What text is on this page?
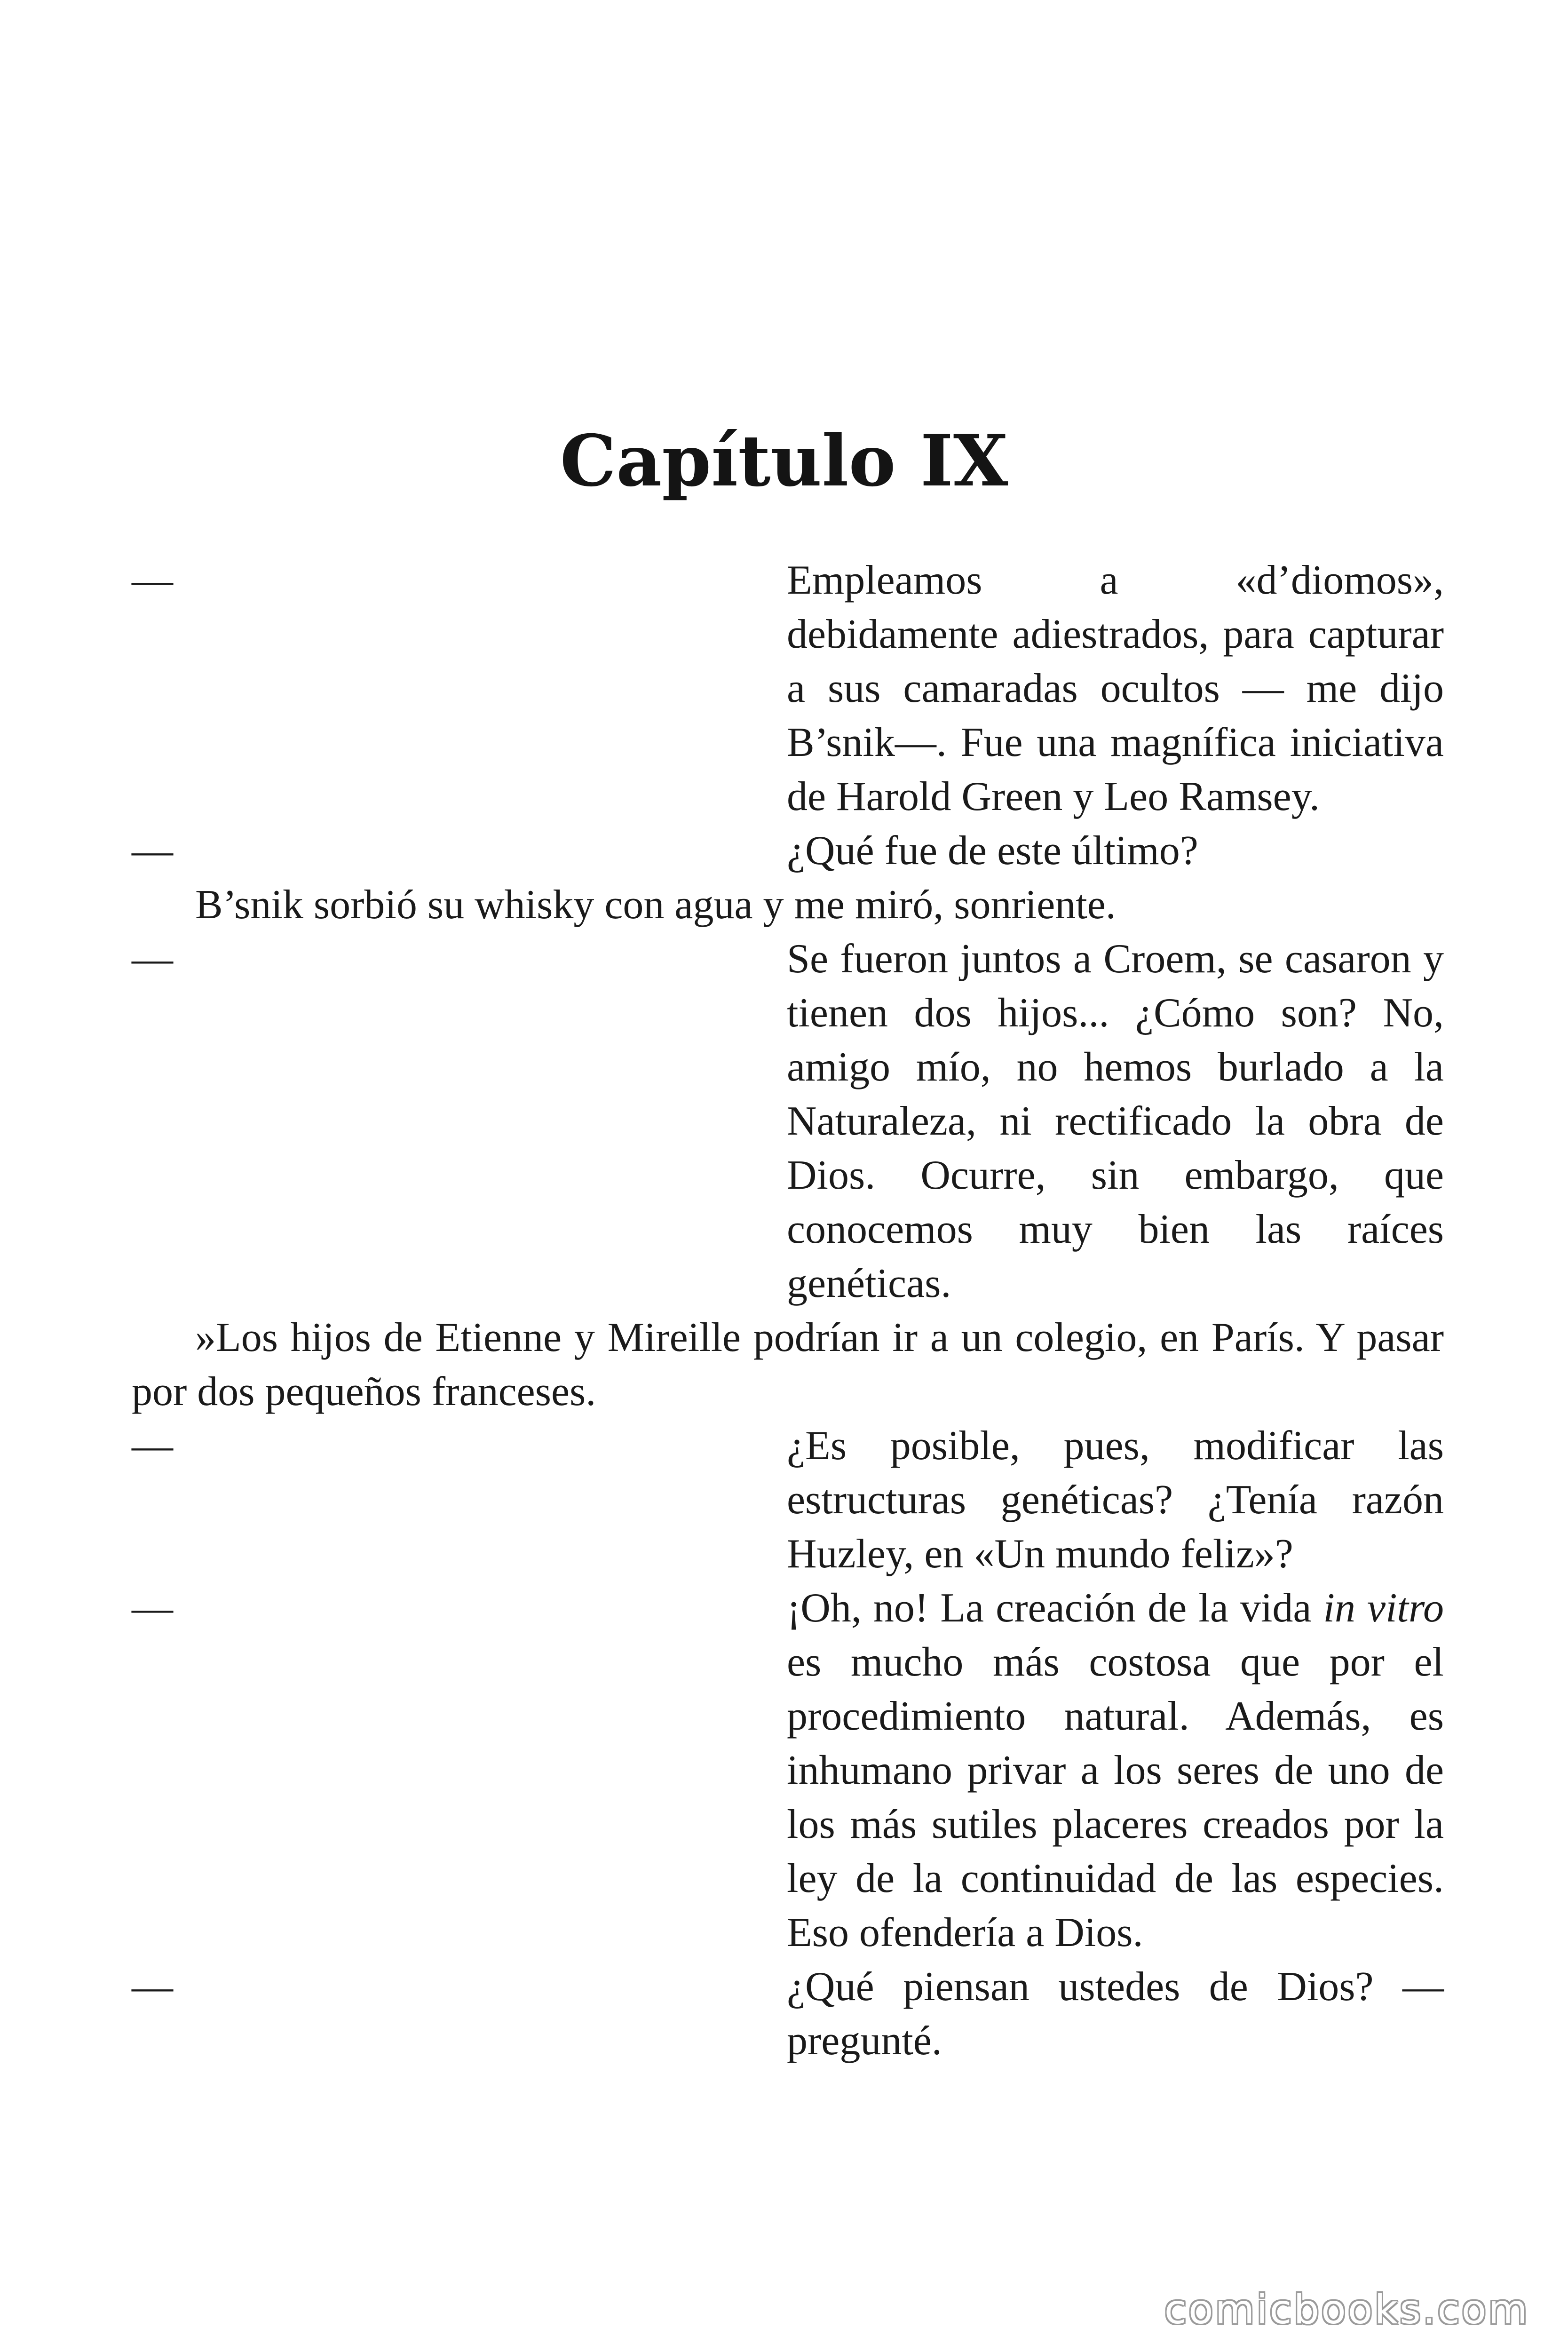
Capítulo IX
—	Empleamos a «d’diomos», debidamente adiestrados, para capturar a sus camaradas ocultos — me dijo B’snik—. Fue una magnífica iniciativa de Harold Green y Leo Ramsey.
—	¿Qué fue de este último?

B’snik sorbió su whisky con agua y me miró, sonriente.

—	Se fueron juntos a Croem, se casaron y tienen dos hijos... ¿Cómo son? No, amigo mío, no hemos burlado a la Naturaleza, ni rectificado la obra de Dios. Ocurre, sin embargo, que conocemos muy bien las raíces genéticas.

»Los hijos de Etienne y Mireille podrían ir a un colegio, en París. Y pasar por dos pequeños franceses.

—	¿Es posible, pues, modificar las estructuras genéticas? ¿Tenía razón Huzley, en «Un mundo feliz»?
—	¡Oh, no! La creación de la vida in vitro es mucho más costosa que por el procedimiento natural. Además, es inhumano privar a los seres de uno de los más sutiles placeres creados por la ley de la continuidad de las especies. Eso ofendería a Dios.
—	¿Qué piensan ustedes de Dios? — pregunté.
comicbooks.com
